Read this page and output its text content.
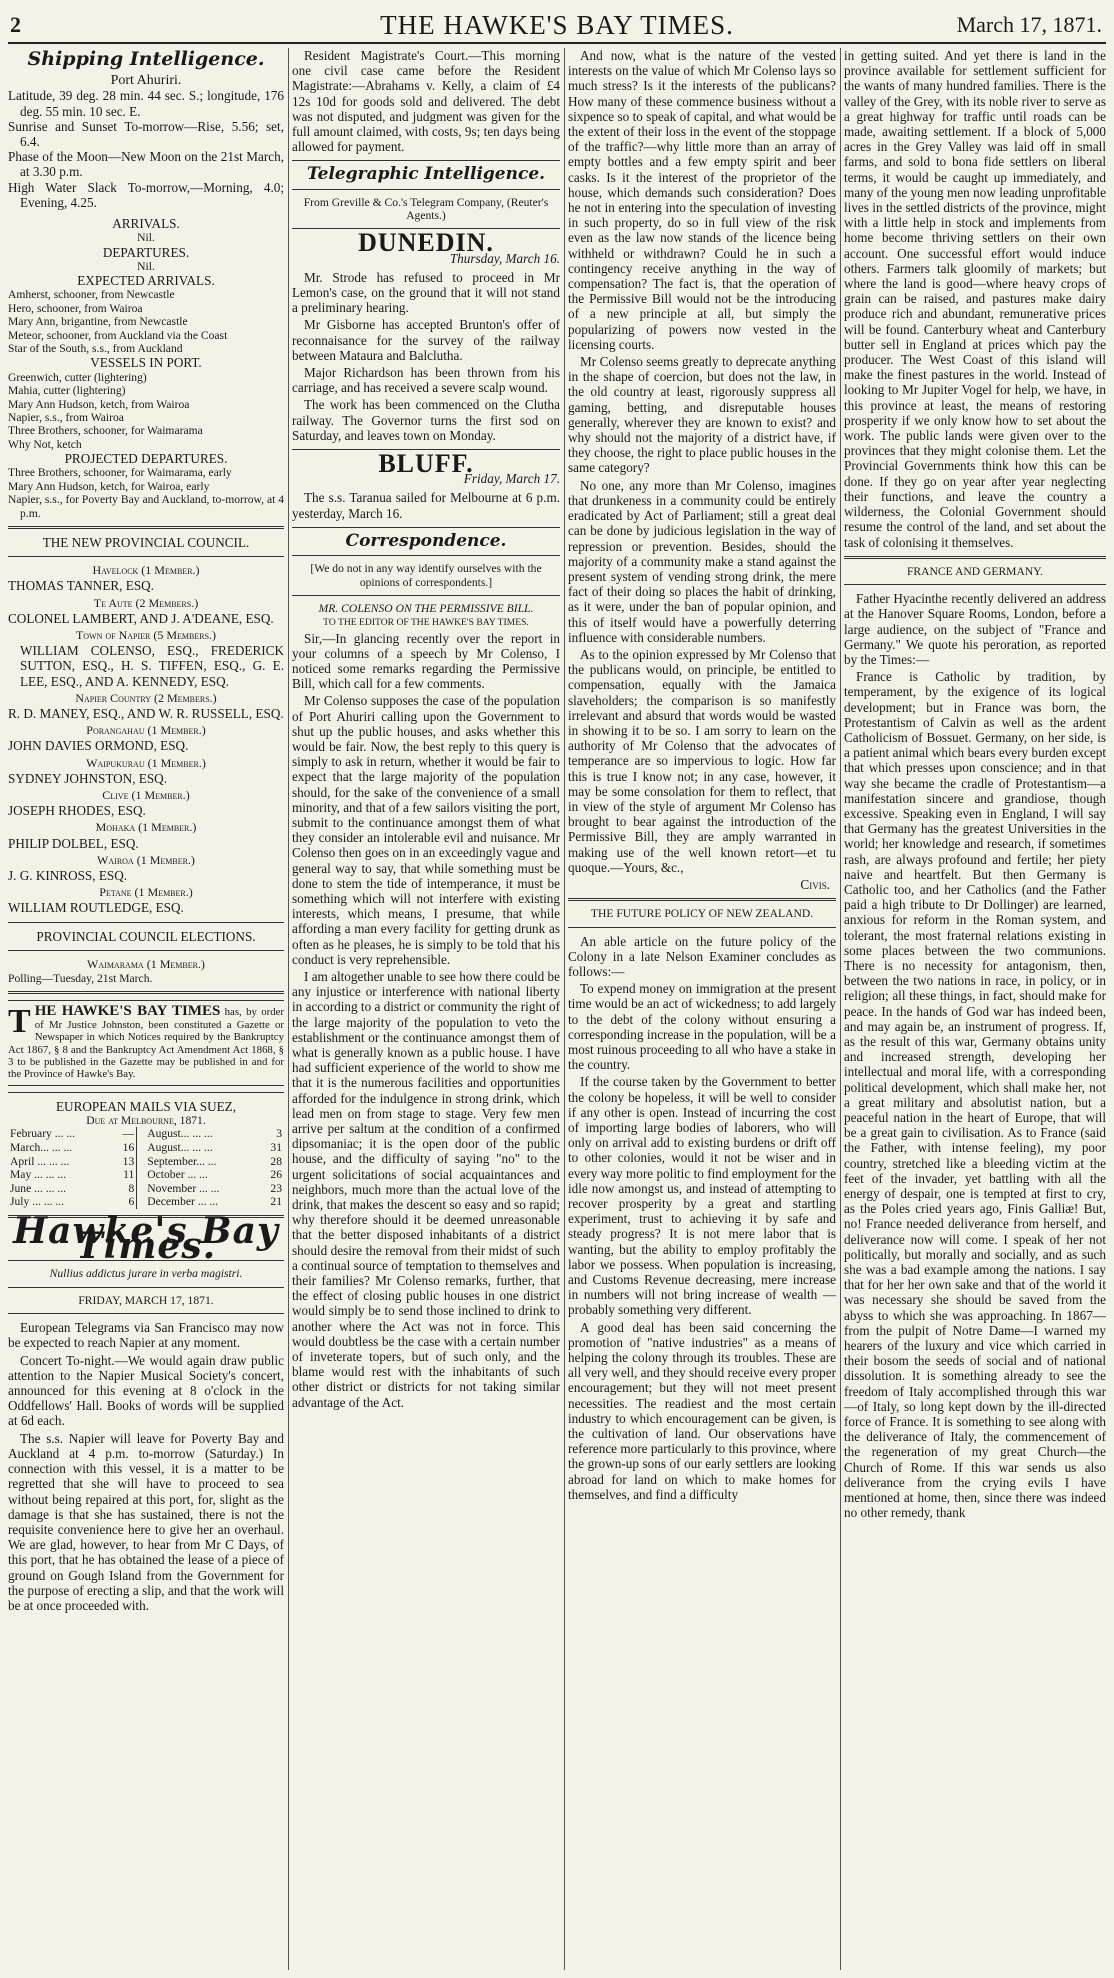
2	THE HAWKE'S BAY TIMES.	March 17, 1871.
Shipping Intelligence.
Port Ahuriri.

Latitude, 39 deg. 28 min. 44 sec. S.; longitude, 176 deg. 55 min. 10 sec. E.

Sunrise and Sunset To-morrow—Rise, 5.56; set, 6.4.

Phase of the Moon—New Moon on the 21st March, at 3.30 p.m.

High Water Slack To-morrow,—Morning, 4.0; Evening, 4.25.

ARRIVALS.
Nil.
DEPARTURES.
Nil.
EXPECTED ARRIVALS.

Amherst, schooner, from Newcastle

Hero, schooner, from Wairoa

Mary Ann, brigantine, from Newcastle

Meteor, schooner, from Auckland via the Coast

Star of the South, s.s., from Auckland

VESSELS IN PORT.

Greenwich, cutter (lightering)

Mahia, cutter (lightering)

Mary Ann Hudson, ketch, from Wairoa

Napier, s.s., from Wairoa

Three Brothers, schooner, for Waimarama

Why Not, ketch

PROJECTED DEPARTURES.

Three Brothers, schooner, for Waimarama, early

Mary Ann Hudson, ketch, for Wairoa, early

Napier, s.s., for Poverty Bay and Auckland, to-morrow, at 4 p.m.

THE NEW PROVINCIAL COUNCIL.
Havelock (1 Member.)

THOMAS TANNER, ESQ.

Te Aute (2 Members.)

COLONEL LAMBERT, AND J. A'DEANE, ESQ.

Town of Napier (5 Members.)

WILLIAM COLENSO, ESQ., FREDERICK SUTTON, ESQ., H. S. TIFFEN, ESQ., G. E. LEE, ESQ., AND A. KENNEDY, ESQ.

Napier Country (2 Members.)

R. D. MANEY, ESQ., AND W. R. RUSSELL, ESQ.

Porangahau (1 Member.)

JOHN DAVIES ORMOND, ESQ.

Waipukurau (1 Member.)

SYDNEY JOHNSTON, ESQ.

Clive (1 Member.)

JOSEPH RHODES, ESQ.

Mohaka (1 Member.)

PHILIP DOLBEL, ESQ.

Wairoa (1 Member.)

J. G. KINROSS, ESQ.

Petane (1 Member.)

WILLIAM ROUTLEDGE, ESQ.

PROVINCIAL COUNCIL ELECTIONS.
Waimarama (1 Member.)

Polling—Tuesday, 21st March.

T HE HAWKE'S BAY TIMES has, by order of Mr Justice Johnston, been constituted a Gazette or Newspaper in which Notices required by the Bankruptcy Act 1867, § 8 and the Bankruptcy Act Amendment Act 1868, § 3 to be published in the Gazette may be published in and for the Province of Hawke's Bay.
EUROPEAN MAILS VIA SUEZ,
Due at Melbourne, 1871.
February ... ...	—		August... ... ...	3
March... ... ...	16		August... ... ...	31
April ... ... ...	13		September... ...	28
May ... ... ...	11		October ... ...	26
June ... ... ...	8		November ... ...	23
July ... ... ...	6		December ... ...	21
Hawke's Bay Times.
Nullius addictus jurare in verba magistri.
FRIDAY, MARCH 17, 1871.

European Telegrams via San Francisco may now be expected to reach Napier at any moment.

Concert To-night.—We would again draw public attention to the Napier Musical Society's concert, announced for this evening at 8 o'clock in the Oddfellows' Hall. Books of words will be supplied at 6d each.

The s.s. Napier will leave for Poverty Bay and Auckland at 4 p.m. to-morrow (Saturday.) In connection with this vessel, it is a matter to be regretted that she will have to proceed to sea without being repaired at this port, for, slight as the damage is that she has sustained, there is not the requisite convenience here to give her an overhaul. We are glad, however, to hear from Mr C Days, of this port, that he has obtained the lease of a piece of ground on Gough Island from the Government for the purpose of erecting a slip, and that the work will be at once proceeded with.

Resident Magistrate's Court.—This morning one civil case came before the Resident Magistrate:—Abrahams v. Kelly, a claim of £4 12s 10d for goods sold and delivered. The debt was not disputed, and judgment was given for the full amount claimed, with costs, 9s; ten days being allowed for payment.

Telegraphic Intelligence.
From Greville & Co.'s Telegram Company, (Reuter's Agents.)
DUNEDIN.
Thursday, March 16.

Mr. Strode has refused to proceed in Mr Lemon's case, on the ground that it will not stand a preliminary hearing.

Mr Gisborne has accepted Brunton's offer of reconnaisance for the survey of the railway between Mataura and Balclutha.

Major Richardson has been thrown from his carriage, and has received a severe scalp wound.

The work has been commenced on the Clutha railway. The Governor turns the first sod on Saturday, and leaves town on Monday.

BLUFF.
Friday, March 17.

The s.s. Taranua sailed for Melbourne at 6 p.m. yesterday, March 16.

Correspondence.
[We do not in any way identify ourselves with the opinions of correspondents.]
MR. COLENSO ON THE PERMISSIVE BILL.
TO THE EDITOR OF THE HAWKE'S BAY TIMES.

Sir,—In glancing recently over the report in your columns of a speech by Mr Colenso, I noticed some remarks regarding the Permissive Bill, which call for a few comments.

Mr Colenso supposes the case of the population of Port Ahuriri calling upon the Government to shut up the public houses, and asks whether this would be fair. Now, the best reply to this query is simply to ask in return, whether it would be fair to expect that the large majority of the population should, for the sake of the convenience of a small minority, and that of a few sailors visiting the port, submit to the continuance amongst them of what they consider an intolerable evil and nuisance. Mr Colenso then goes on in an exceedingly vague and general way to say, that while something must be done to stem the tide of intemperance, it must be something which will not interfere with existing interests, which means, I presume, that while affording a man every facility for getting drunk as often as he pleases, he is simply to be told that his conduct is very reprehensible.

I am altogether unable to see how there could be any injustice or interference with national liberty in according to a district or community the right of the large majority of the population to veto the establishment or the continuance amongst them of what is generally known as a public house. I have had sufficient experience of the world to show me that it is the numerous facilities and opportunities afforded for the indulgence in strong drink, which lead men on from stage to stage. Very few men arrive per saltum at the condition of a confirmed dipsomaniac; it is the open door of the public house, and the difficulty of saying "no" to the urgent solicitations of social acquaintances and neighbors, much more than the actual love of the drink, that makes the descent so easy and so rapid; why therefore should it be deemed unreasonable that the better disposed inhabitants of a district should desire the removal from their midst of such a continual source of temptation to themselves and their families? Mr Colenso remarks, further, that the effect of closing public houses in one district would simply be to send those inclined to drink to another where the Act was not in force. This would doubtless be the case with a certain number of inveterate topers, but of such only, and the blame would rest with the inhabitants of such other district or districts for not taking similar advantage of the Act.

And now, what is the nature of the vested interests on the value of which Mr Colenso lays so much stress? Is it the interests of the publicans? How many of these commence business without a sixpence so to speak of capital, and what would be the extent of their loss in the event of the stoppage of the traffic?—why little more than an array of empty bottles and a few empty spirit and beer casks. Is it the interest of the proprietor of the house, which demands such consideration? Does he not in entering into the speculation of investing in such property, do so in full view of the risk even as the law now stands of the licence being withheld or withdrawn? Could he in such a contingency receive anything in the way of compensation? The fact is, that the operation of the Permissive Bill would not be the introducing of a new principle at all, but simply the popularizing of powers now vested in the licensing courts.

Mr Colenso seems greatly to deprecate anything in the shape of coercion, but does not the law, in the old country at least, rigorously suppress all gaming, betting, and disreputable houses generally, wherever they are known to exist? and why should not the majority of a district have, if they choose, the right to place public houses in the same category?

No one, any more than Mr Colenso, imagines that drunkeness in a community could be entirely eradicated by Act of Parliament; still a great deal can be done by judicious legislation in the way of repression or prevention. Besides, should the majority of a community make a stand against the present system of vending strong drink, the mere fact of their doing so places the habit of drinking, as it were, under the ban of popular opinion, and this of itself would have a powerfully deterring influence with considerable numbers.

As to the opinion expressed by Mr Colenso that the publicans would, on principle, be entitled to compensation, equally with the Jamaica slaveholders; the comparison is so manifestly irrelevant and absurd that words would be wasted in showing it to be so. I am sorry to learn on the authority of Mr Colenso that the advocates of temperance are so impervious to logic. How far this is true I know not; in any case, however, it may be some consolation for them to reflect, that in view of the style of argument Mr Colenso has brought to bear against the introduction of the Permissive Bill, they are amply warranted in making use of the well known retort—et tu quoque.—Yours, &c.,

Civis.
THE FUTURE POLICY OF NEW ZEALAND.

An able article on the future policy of the Colony in a late Nelson Examiner concludes as follows:—

To expend money on immigration at the present time would be an act of wickedness; to add largely to the debt of the colony without ensuring a corresponding increase in the population, will be a most ruinous proceeding to all who have a stake in the country.

If the course taken by the Government to better the colony be hopeless, it will be well to consider if any other is open. Instead of incurring the cost of importing large bodies of laborers, who will only on arrival add to existing burdens or drift off to other colonies, would it not be wiser and in every way more politic to find employment for the idle now amongst us, and instead of attempting to recover prosperity by a great and startling experiment, trust to achieving it by safe and steady progress? It is not mere labor that is wanting, but the ability to employ profitably the labor we possess. When population is increasing, and Customs Revenue decreasing, mere increase in numbers will not bring increase of wealth —probably something very different.

A good deal has been said concerning the promotion of "native industries" as a means of helping the colony through its troubles. These are all very well, and they should receive every proper encouragement; but they will not meet present necessities. The readiest and the most certain industry to which encouragement can be given, is the cultivation of land. Our observations have reference more particularly to this province, where the grown-up sons of our early settlers are looking abroad for land on which to make homes for themselves, and find a difficulty

in getting suited. And yet there is land in the province available for settlement sufficient for the wants of many hundred families. There is the valley of the Grey, with its noble river to serve as a great highway for traffic until roads can be made, awaiting settlement. If a block of 5,000 acres in the Grey Valley was laid off in small farms, and sold to bona fide settlers on liberal terms, it would be caught up immediately, and many of the young men now leading unprofitable lives in the settled districts of the province, might with a little help in stock and implements from home become thriving settlers on their own account. One successful effort would induce others. Farmers talk gloomily of markets; but where the land is good—where heavy crops of grain can be raised, and pastures make dairy produce rich and abundant, remunerative prices will be found. Canterbury wheat and Canterbury butter sell in England at prices which pay the producer. The West Coast of this island will make the finest pastures in the world. Instead of looking to Mr Jupiter Vogel for help, we have, in this province at least, the means of restoring prosperity if we only know how to set about the work. The public lands were given over to the provinces that they might colonise them. Let the Provincial Governments think how this can be done. If they go on year after year neglecting their functions, and leave the country a wilderness, the Colonial Government should resume the control of the land, and set about the task of colonising it themselves.

FRANCE AND GERMANY.

Father Hyacinthe recently delivered an address at the Hanover Square Rooms, London, before a large audience, on the subject of "France and Germany." We quote his peroration, as reported by the Times:—

France is Catholic by tradition, by temperament, by the exigence of its logical development; but in France was born, the Protestantism of Calvin as well as the ardent Catholicism of Bossuet. Germany, on her side, is a patient animal which bears every burden except that which presses upon conscience; and in that way she became the cradle of Protestantism—a manifestation sincere and grandiose, though excessive. Speaking even in England, I will say that Germany has the greatest Universities in the world; her knowledge and research, if sometimes rash, are always profound and fertile; her piety naive and heartfelt. But then Germany is Catholic too, and her Catholics (and the Father paid a high tribute to Dr Dollinger) are learned, anxious for reform in the Roman system, and tolerant, the most fraternal relations existing in some places between the two communions. There is no necessity for antagonism, then, between the two nations in race, in policy, or in religion; all these things, in fact, should make for peace. In the hands of God war has indeed been, and may again be, an instrument of progress. If, as the result of this war, Germany obtains unity and increased strength, developing her intellectual and moral life, with a corresponding political development, which shall make her, not a great military and absolutist nation, but a peaceful nation in the heart of Europe, that will be a great gain to civilisation. As to France (said the Father, with intense feeling), my poor country, stretched like a bleeding victim at the feet of the invader, yet battling with all the energy of despair, one is tempted at first to cry, as the Poles cried years ago, Finis Galliæ! But, no! France needed deliverance from herself, and deliverance now will come. I speak of her not politically, but morally and socially, and as such she was a bad example among the nations. I say that for her her own sake and that of the world it was necessary she should be saved from the abyss to which she was approaching. In 1867—from the pulpit of Notre Dame—I warned my hearers of the luxury and vice which carried in their bosom the seeds of social and of national dissolution. It is something already to see the freedom of Italy accomplished through this war—of Italy, so long kept down by the ill-directed force of France. It is something to see along with the deliverance of Italy, the commencement of the regeneration of my great Church—the Church of Rome. If this war sends us also deliverance from the crying evils I have mentioned at home, then, since there was indeed no other remedy, thank
